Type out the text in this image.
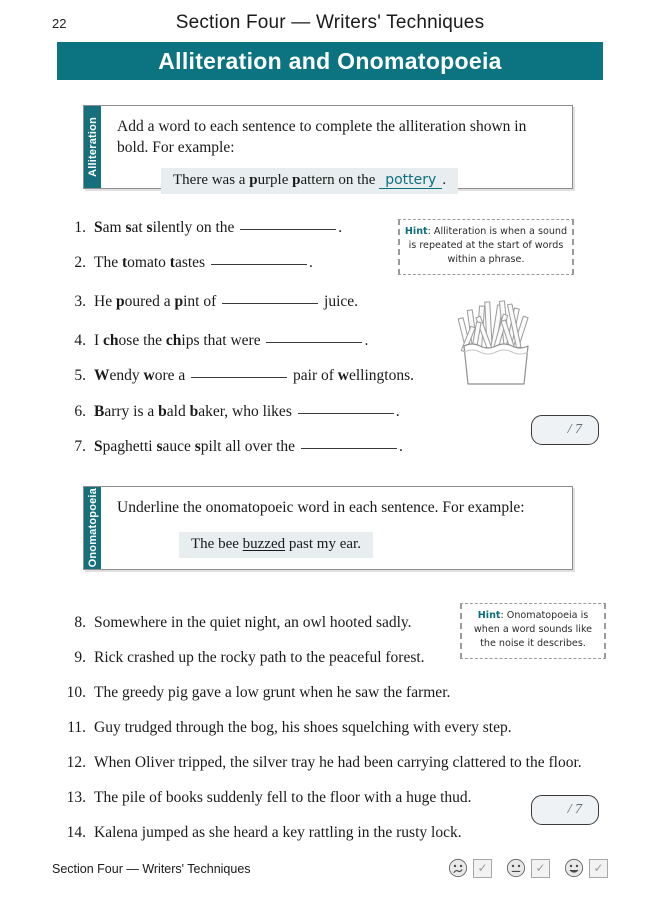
22	Section Four — Writers' Techniques
Alliteration and Onomatopoeia
Alliteration Add a word to each sentence to complete the alliteration shown in bold. For example:
There was a purple pattern on the pottery .
1. Sam sat silently on the	.
2. The tomato tastes	.
3. He poured a pint of	juice.
4. I chose the chips that were	.
5. Wendy wore a	pair of wellingtons.
6. Barry is a bald baker, who likes	.
7. Spaghetti sauce spilt all over the	.
Hint: Alliteration is when a sound is repeated at the start of words within a phrase.
/ 7
Onomatopoeia Underline the onomatopoeic word in each sentence. For example:
The bee buzzed past my ear.
8. Somewhere in the quiet night, an owl hooted sadly.
9. Rick crashed up the rocky path to the peaceful forest.
10. The greedy pig gave a low grunt when he saw the farmer.
11. Guy trudged through the bog, his shoes squelching with every step.
12. When Oliver tripped, the silver tray he had been carrying clattered to the floor.
13. The pile of books suddenly fell to the floor with a huge thud.
14. Kalena jumped as she heard a key rattling in the rusty lock.
Hint: Onomatopoeia is when a word sounds like the noise it describes.
/ 7
Section Four — Writers' Techniques	✓	✓	✓
